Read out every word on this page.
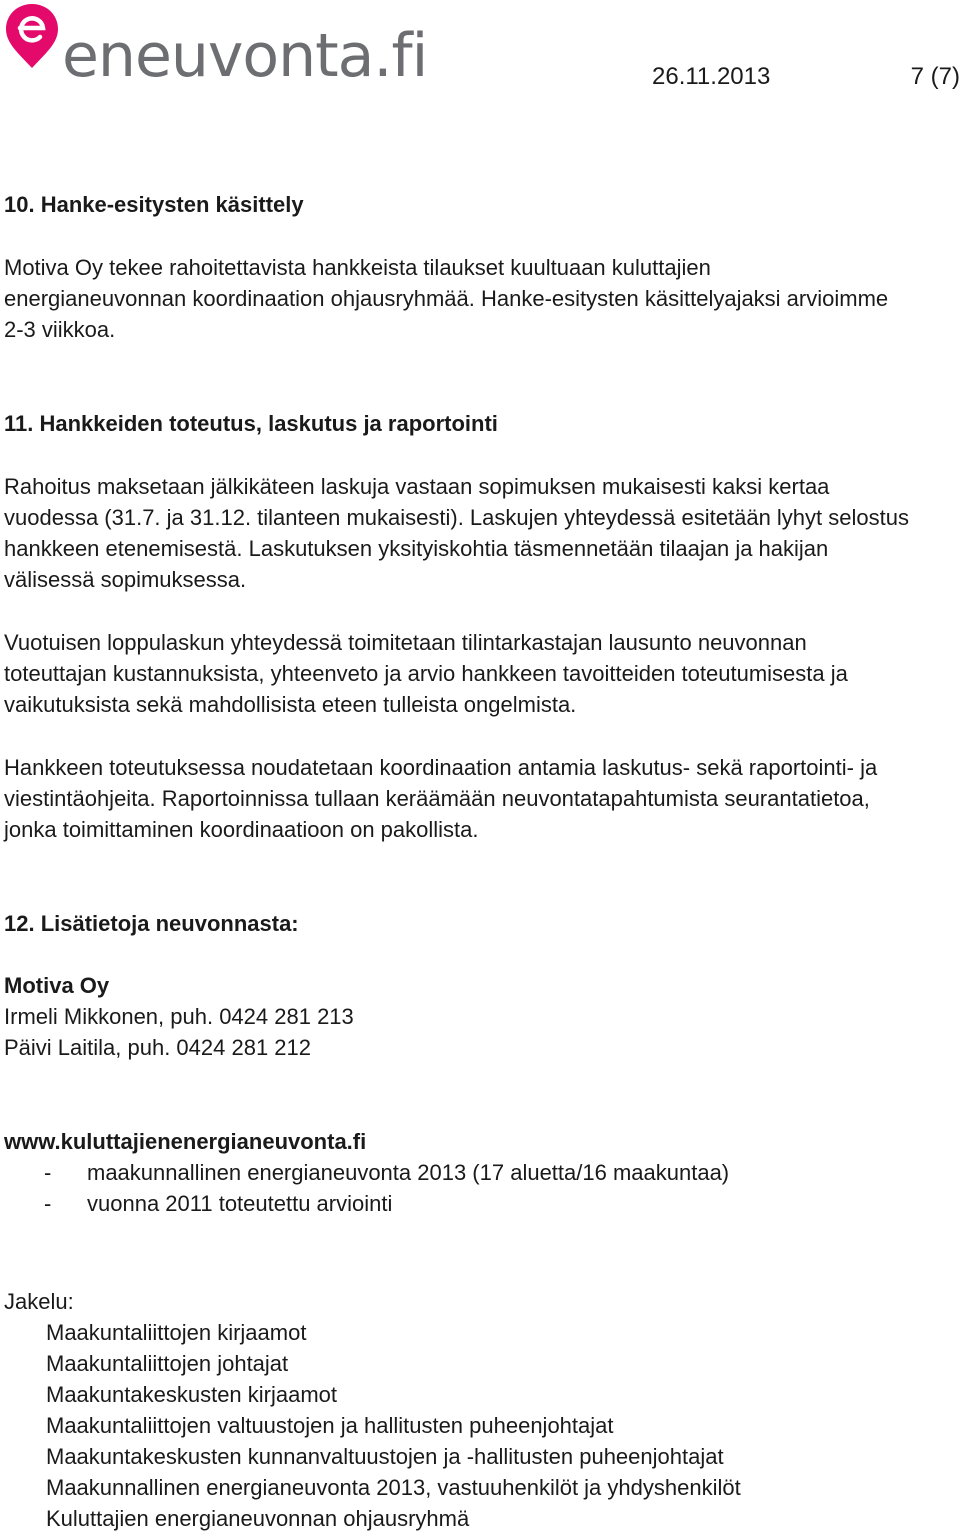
eneuvonta.fi	26.11.2013	7 (7)
10. Hanke-esitysten käsittely
Motiva Oy tekee rahoitettavista hankkeista tilaukset kuultuaan kuluttajien
energianeuvonnan koordinaation ohjausryhmää. Hanke-esitysten käsittelyajaksi arvioimme
2-3 viikkoa.
11. Hankkeiden toteutus, laskutus ja raportointi
Rahoitus maksetaan jälkikäteen laskuja vastaan sopimuksen mukaisesti kaksi kertaa
vuodessa (31.7. ja 31.12. tilanteen mukaisesti). Laskujen yhteydessä esitetään lyhyt selostus
hankkeen etenemisestä. Laskutuksen yksityiskohtia täsmennetään tilaajan ja hakijan
välisessä sopimuksessa.
Vuotuisen loppulaskun yhteydessä toimitetaan tilintarkastajan lausunto neuvonnan
toteuttajan kustannuksista, yhteenveto ja arvio hankkeen tavoitteiden toteutumisesta ja
vaikutuksista sekä mahdollisista eteen tulleista ongelmista.
Hankkeen toteutuksessa noudatetaan koordinaation antamia laskutus- sekä raportointi- ja
viestintäohjeita. Raportoinnissa tullaan keräämään neuvontatapahtumista seurantatietoa,
jonka toimittaminen koordinaatioon on pakollista.
12. Lisätietoja neuvonnasta:
Motiva Oy
Irmeli Mikkonen, puh. 0424 281 213
Päivi Laitila, puh. 0424 281 212
www.kuluttajienenergianeuvonta.fi
- maakunnallinen energianeuvonta 2013 (17 aluetta/16 maakuntaa)
- vuonna 2011 toteutettu arviointi
Jakelu:
Maakuntaliittojen kirjaamot
Maakuntaliittojen johtajat
Maakuntakeskusten kirjaamot
Maakuntaliittojen valtuustojen ja hallitusten puheenjohtajat
Maakuntakeskusten kunnanvaltuustojen ja -hallitusten puheenjohtajat
Maakunnallinen energianeuvonta 2013, vastuuhenkilöt ja yhdyshenkilöt
Kuluttajien energianeuvonnan ohjausryhmä
